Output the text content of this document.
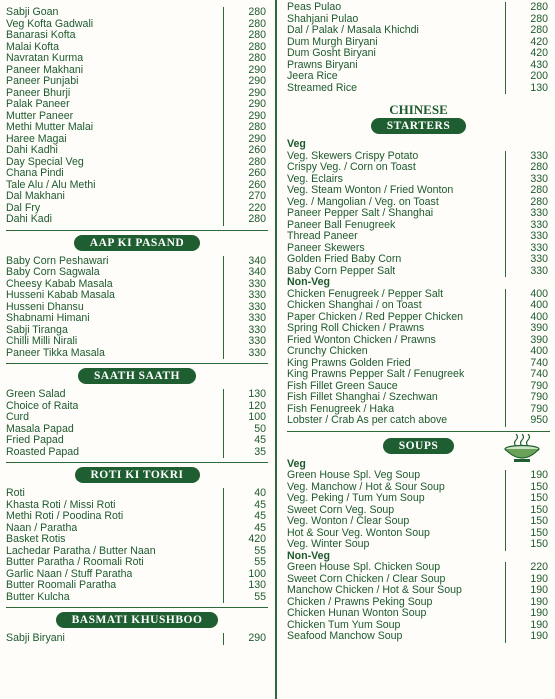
Sabji Goan	280
Veg Kofta Gadwali	280
Banarasi Kofta	280
Malai Kofta	280
Navratan Kurma	280
Paneer Makhani	290
Paneer Punjabi	290
Paneer Bhurji	290
Palak Paneer	290
Mutter Paneer	290
Methi Mutter Malai	280
Haree Magai	290
Dahi Kadhi	260
Day Special Veg	280
Chana Pindi	260
Tale Alu / Alu Methi	260
Dal Makhani	270
Dal Fry	220
Dahi Kadi	280
AAP KI PASAND
Baby Corn Peshawari	340
Baby Corn Sagwala	340
Cheesy Kabab Masala	330
Husseni Kabab Masala	330
Husseni Dhansu	330
Shabnami Himani	330
Sabji Tiranga	330
Chilli Milli Nirali	330
Paneer Tikka Masala	330
SAATH SAATH
Green Salad	130
Choice of Raita	120
Curd	100
Masala Papad	50
Fried Papad	45
Roasted Papad	35
ROTI KI TOKRI
Roti	40
Khasta Roti / Missi Roti	45
Methi Roti / Poodina Roti	45
Naan / Paratha	45
Basket Rotis	420
Lachedar Paratha / Butter Naan	55
Butter Paratha / Roomali Roti	55
Garlic Naan / Stuff Paratha	100
Butter Roomali Paratha	130
Butter Kulcha	55
BASMATI KHUSHBOO
Sabji Biryani	290
Peas Pulao	280
Shahjani Pulao	280
Dal / Palak / Masala Khichdi	280
Dum Murgh Biryani	420
Dum Gosht Biryani	420
Prawns Biryani	430
Jeera Rice	200
Streamed Rice	130
CHINESE
STARTERS
Veg
Veg. Skewers Crispy Potato	330
Crispy Veg. / Corn on Toast	280
Veg. Eclairs	330
Veg. Steam Wonton / Fried Wonton	280
Veg. / Mangolian / Veg. on Toast	280
Paneer Pepper Salt / Shanghai	330
Paneer Ball Fenugreek	330
Thread Paneer	330
Paneer Skewers	330
Golden Fried Baby Corn	330
Baby Corn Pepper Salt	330
Non-Veg
Chicken Fenugreek / Pepper Salt	400
Chicken Shanghai / on Toast	400
Paper Chicken / Red Pepper Chicken	400
Spring Roll Chicken / Prawns	390
Fried Wonton Chicken / Prawns	390
Crunchy Chicken	400
King Prawns Golden Fried	740
King Prawns Pepper Salt / Fenugreek	740
Fish Fillet Green Sauce	790
Fish Fillet Shanghai / Szechwan	790
Fish Fenugreek / Haka	790
Lobster / Crab As per catch above	950
SOUPS
Veg
Green House Spl. Veg Soup	190
Veg. Manchow / Hot & Sour Soup	150
Veg. Peking / Tum Yum Soup	150
Sweet Corn Veg. Soup	150
Veg. Wonton / Clear Soup	150
Hot & Sour Veg. Wonton Soup	150
Veg. Winter Soup	150
Non-Veg
Green House Spl. Chicken Soup	220
Sweet Corn Chicken / Clear Soup	190
Manchow Chicken / Hot & Sour Soup	190
Chicken / Prawns Peking Soup	190
Chicken Hunan Wonton Soup	190
Chicken Tum Yum Soup	190
Seafood Manchow Soup	190
